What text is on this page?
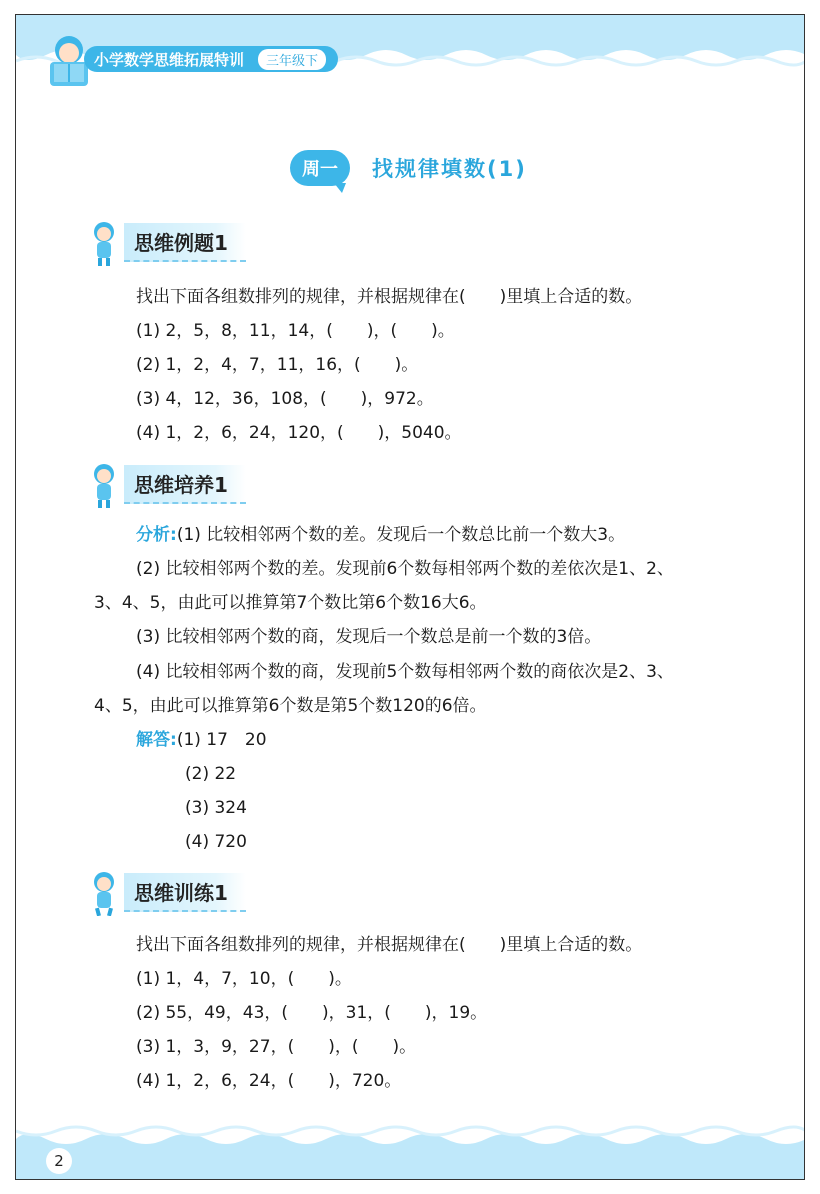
小学数学思维拓展特训	三年级下
周一	找规律填数(1)
思维例题1
找出下面各组数排列的规律，并根据规律在(　　)里填上合适的数。
(1) 2，5，8，11，14，(　　)，(　　)。
(2) 1，2，4，7，11，16，(　　)。
(3) 4，12，36，108，(　　)，972。
(4) 1，2，6，24，120，(　　)，5040。
思维培养1
分析:(1) 比较相邻两个数的差。发现后一个数总比前一个数大3。
(2) 比较相邻两个数的差。发现前6个数每相邻两个数的差依次是1、2、
3、4、5，由此可以推算第7个数比第6个数16大6。
(3) 比较相邻两个数的商，发现后一个数总是前一个数的3倍。
(4) 比较相邻两个数的商，发现前5个数每相邻两个数的商依次是2、3、
4、5，由此可以推算第6个数是第5个数120的6倍。
解答:(1) 17　20
(2) 22
(3) 324
(4) 720
思维训练1
找出下面各组数排列的规律，并根据规律在(　　)里填上合适的数。
(1) 1，4，7，10，(　　)。
(2) 55，49，43，(　　)，31，(　　)，19。
(3) 1，3，9，27，(　　)，(　　)。
(4) 1，2，6，24，(　　)，720。
2
